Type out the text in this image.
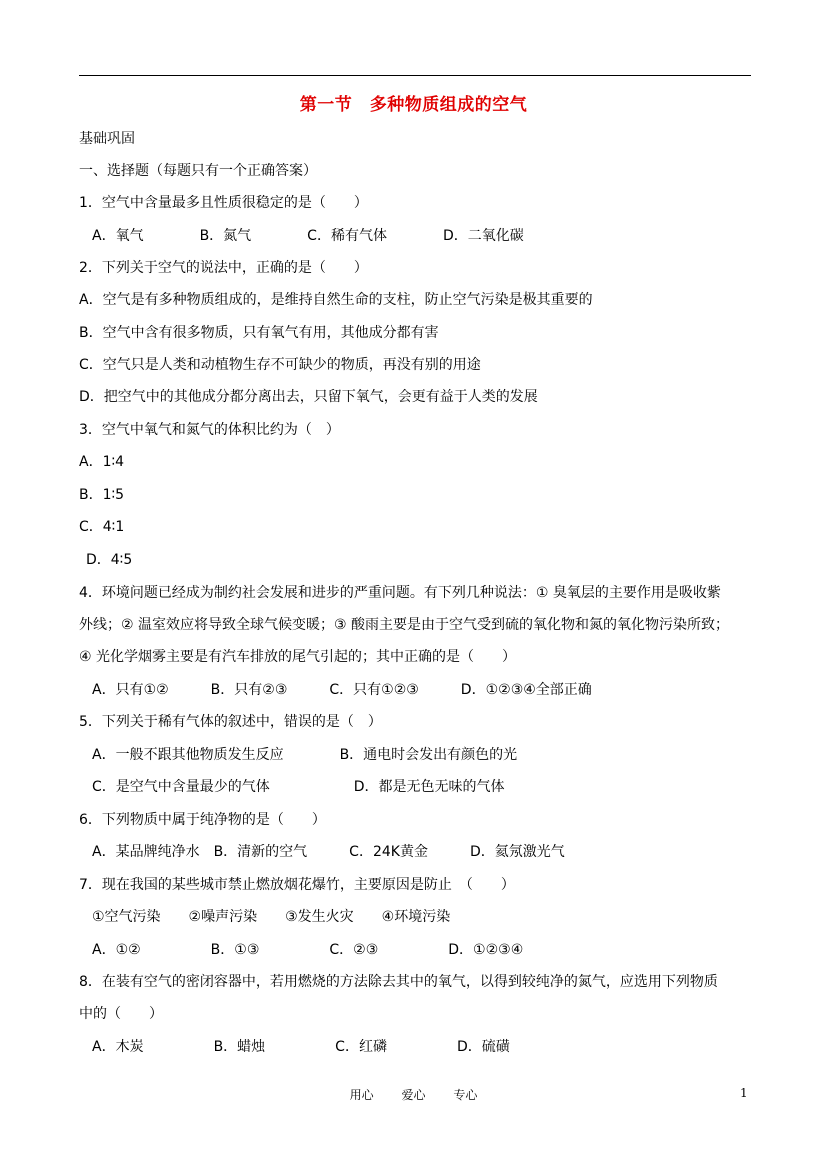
第一节　多种物质组成的空气
基础巩固
一、选择题（每题只有一个正确答案）
1．空气中含量最多且性质很稳定的是（　　）
A．氧气　　　　B．氮气　　　　C．稀有气体　　　　D．二氧化碳
2．下列关于空气的说法中，正确的是（　　）
A．空气是有多种物质组成的，是维持自然生命的支柱，防止空气污染是极其重要的
B．空气中含有很多物质，只有氧气有用，其他成分都有害
C．空气只是人类和动植物生存不可缺少的物质，再没有别的用途
D．把空气中的其他成分都分离出去，只留下氧气，会更有益于人类的发展
3．空气中氧气和氮气的体积比约为（　）
A．1∶4
B．1∶5
C．4∶1
D．4∶5
4．环境问题已经成为制约社会发展和进步的严重问题。有下列几种说法：① 臭氧层的主要作用是吸收紫
外线；② 温室效应将导致全球气候变暖；③ 酸雨主要是由于空气受到硫的氧化物和氮的氧化物污染所致；
④ 光化学烟雾主要是有汽车排放的尾气引起的；其中正确的是（　　）
A．只有①②　　　B．只有②③　　　C．只有①②③　　　D．①②③④全部正确
5．下列关于稀有气体的叙述中，错误的是（　）
A．一般不跟其他物质发生反应　　　　B．通电时会发出有颜色的光
C．是空气中含量最少的气体　　　　　　D．都是无色无味的气体
6．下列物质中属于纯净物的是（　　）
A．某品牌纯净水　B．清新的空气　　　C．24K黄金　　　D．氦氖激光气
7．现在我国的某些城市禁止燃放烟花爆竹，主要原因是防止　（　　）
①空气污染　　②噪声污染　　③发生火灾　　④环境污染
A．①②　　　　　B．①③　　　　　C．②③　　　　　D．①②③④
8．在装有空气的密闭容器中，若用燃烧的方法除去其中的氧气，以得到较纯净的氮气，应选用下列物质
中的（　　）
A．木炭　　　　　B．蜡烛　　　　　C．红磷　　　　　D．硫磺
用心 爱心 专心	1
